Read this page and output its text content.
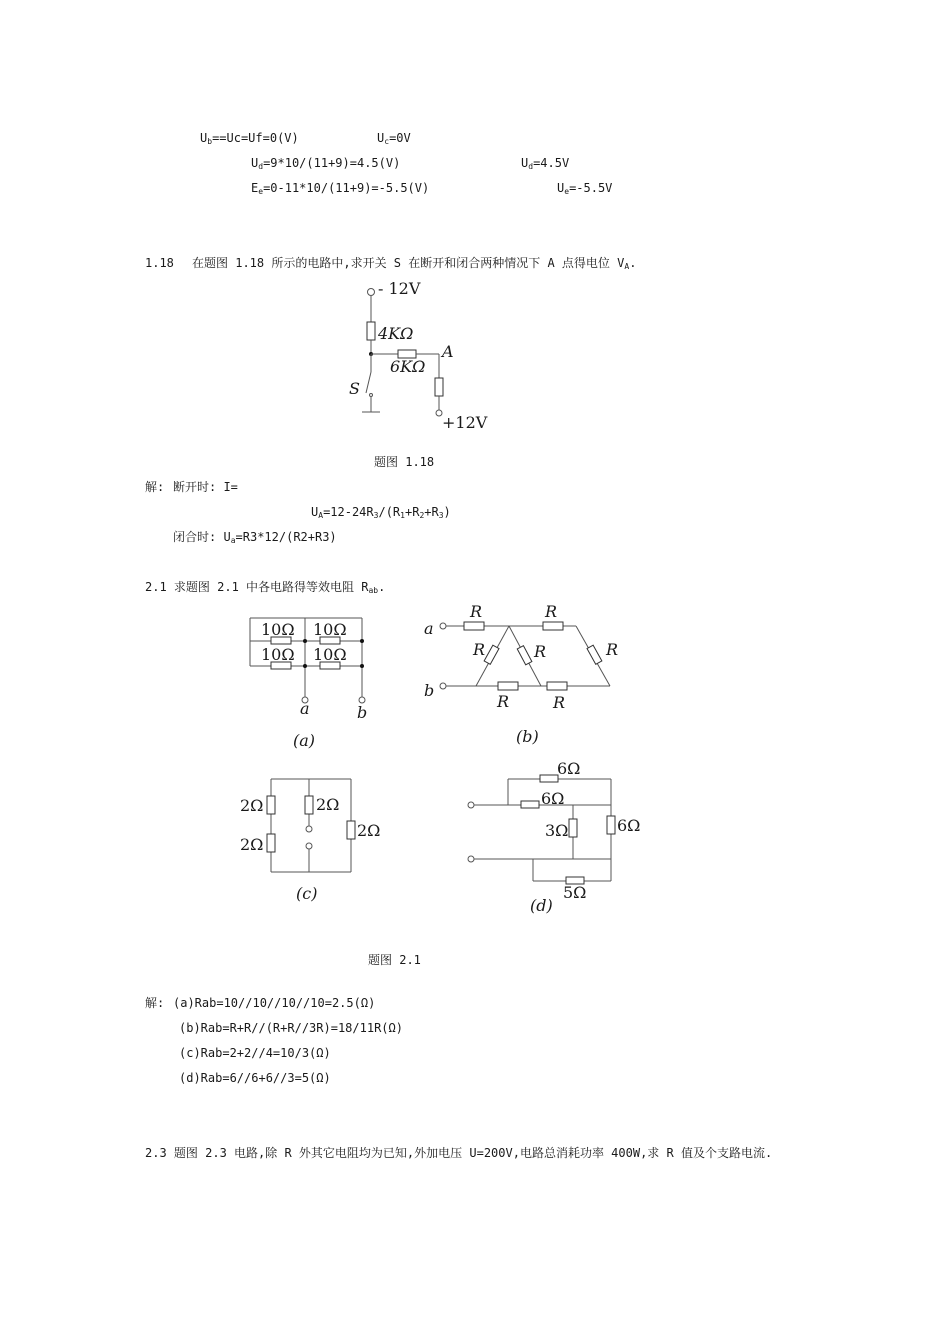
$U_b==Uc=Uf=0(V)$	$U_c=0V$
$U_d=9*10/(11+9)=4.5(V)$	$U_d=4.5V$
$E_e=0-11*10/(11+9)=-5.5(V)$	$U_e=-5.5V$
1.18 在题图 1.18 所示的电路中,求开关 S 在断开和闭合两种情况下 A 点得电位 $V_A$.
- 12V
4KΩ
6KΩ
A
+12V
S
题图 1.18
解: 断开时: I=
$U_A=12-24R_3/(R_1+R_2+R_3)$
闭合时: $U_a=R3*12/(R2+R3)$
2.1 求题图 2.1 中各电路得等效电阻 $R_{ab}$.
10Ω 10Ω
10Ω 10Ω
a	b
(a)
a
b
R	R
R	R	R
R	R
(b)
2Ω
2Ω
2Ω
2Ω
(c)
6Ω
6Ω
3Ω	6Ω
5Ω
(d)
题图 2.1
解: (a)Rab=10//10//10//10=2.5(Ω)
(b)Rab=R+R//(R+R//3R)=18/11R(Ω)
(c)Rab=2+2//4=10/3(Ω)
(d)Rab=6//6+6//3=5(Ω)
2.3 题图 2.3 电路,除 R 外其它电阻均为已知,外加电压 U=200V,电路总消耗功率 400W,求 R 值及个支路电流.
